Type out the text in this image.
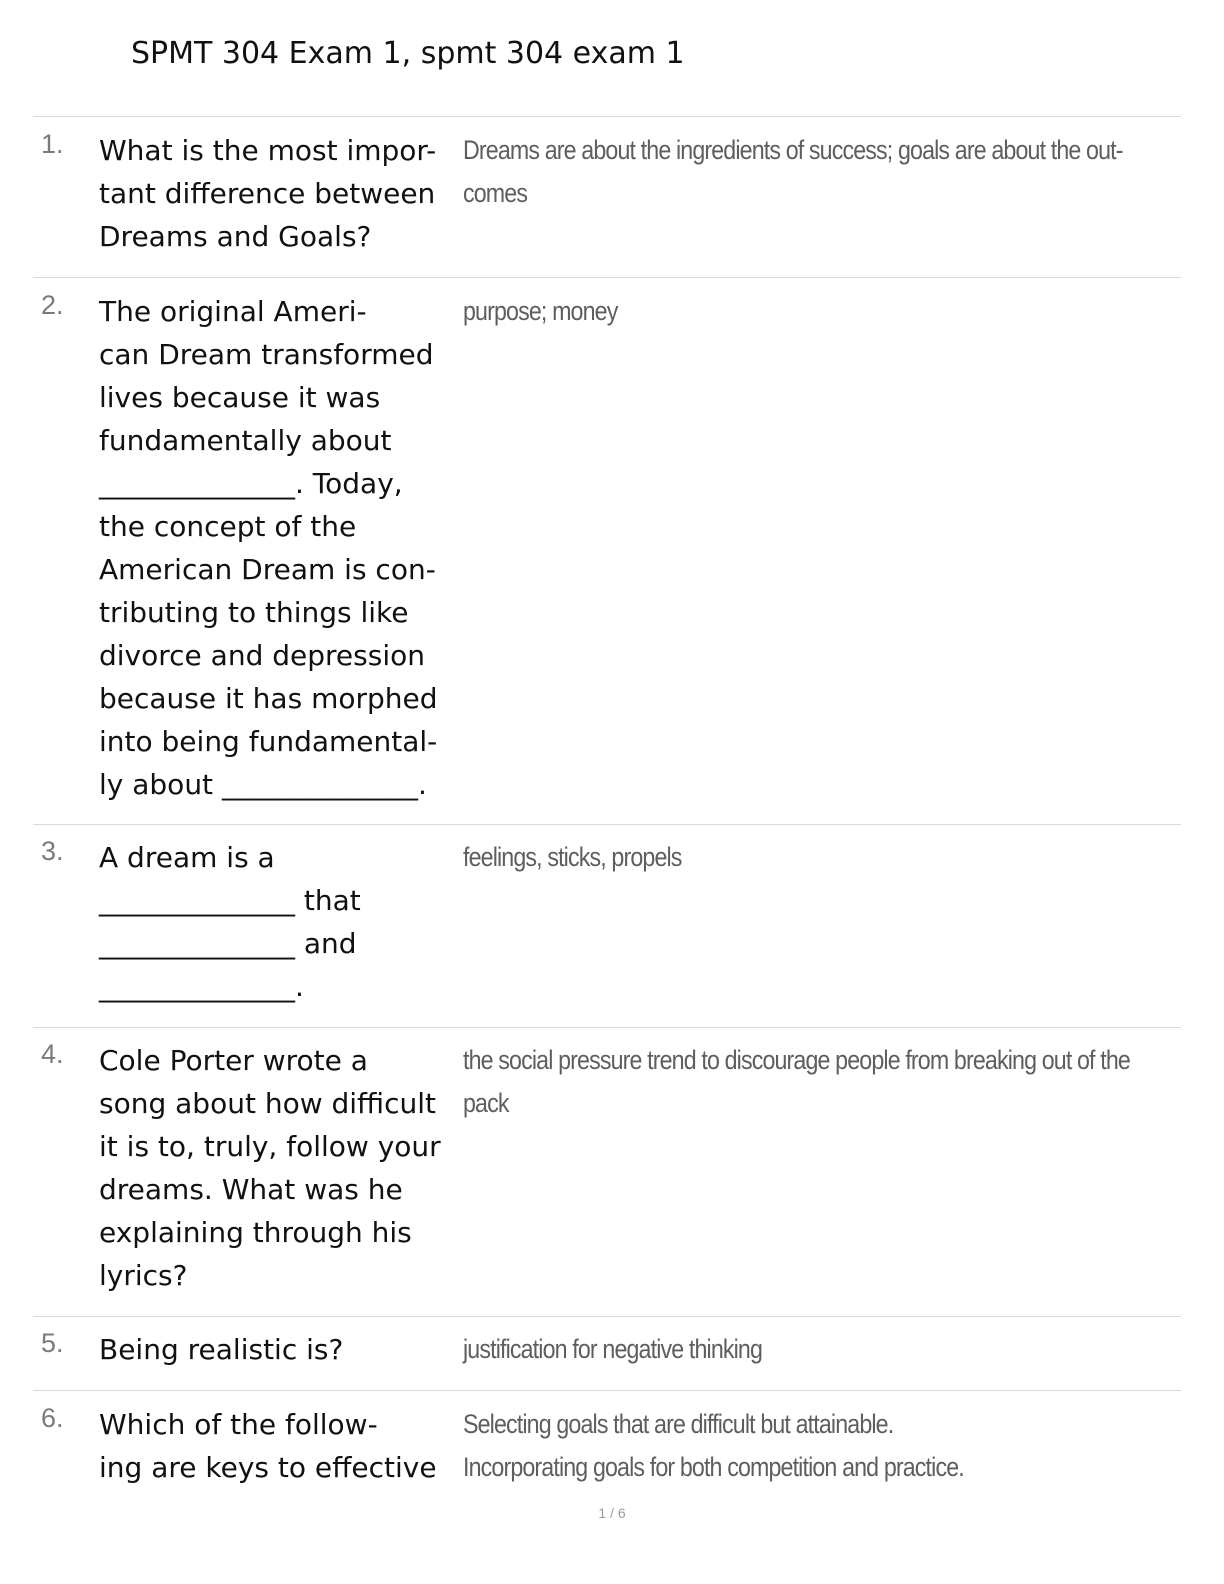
SPMT 304 Exam 1, spmt 304 exam 1
1. What is the most impor-
tant difference between
Dreams and Goals?
Dreams are about the ingredients of success; goals are about the out-
comes
2. The original Ameri-
can Dream transformed
lives because it was
fundamentally about
______________. Today,
the concept of the
American Dream is con-
tributing to things like
divorce and depression
because it has morphed
into being fundamental-
ly about ______________.
purpose; money
3. A dream is a
______________ that
______________ and
______________.
feelings, sticks, propels
4. Cole Porter wrote a
song about how difficult
it is to, truly, follow your
dreams. What was he
explaining through his
lyrics?
the social pressure trend to discourage people from breaking out of the
pack
5. Being realistic is?	justification for negative thinking
6. Which of the follow-
ing are keys to effective
Selecting goals that are difficult but attainable.
Incorporating goals for both competition and practice.
1 / 6
